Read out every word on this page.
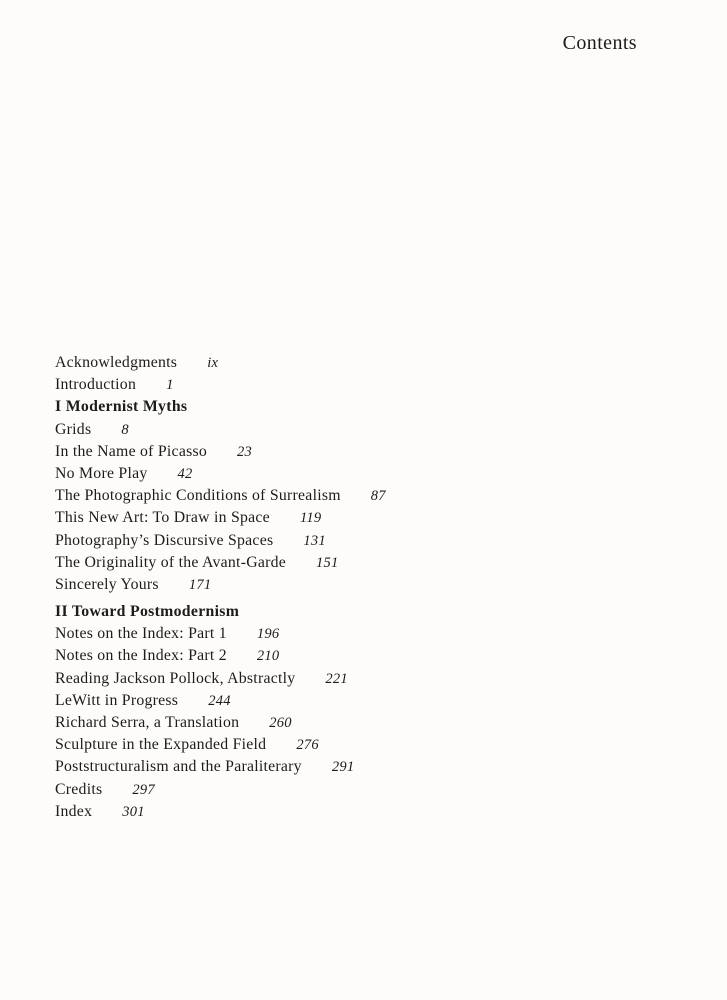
Contents
Acknowledgments ix
Introduction 1
I Modernist Myths
Grids 8
In the Name of Picasso 23
No More Play 42
The Photographic Conditions of Surrealism 87
This New Art: To Draw in Space 119
Photography’s Discursive Spaces 131
The Originality of the Avant-Garde 151
Sincerely Yours 171
II Toward Postmodernism
Notes on the Index: Part 1 196
Notes on the Index: Part 2 210
Reading Jackson Pollock, Abstractly 221
LeWitt in Progress 244
Richard Serra, a Translation 260
Sculpture in the Expanded Field 276
Poststructuralism and the Paraliterary 291
Credits 297
Index 301
